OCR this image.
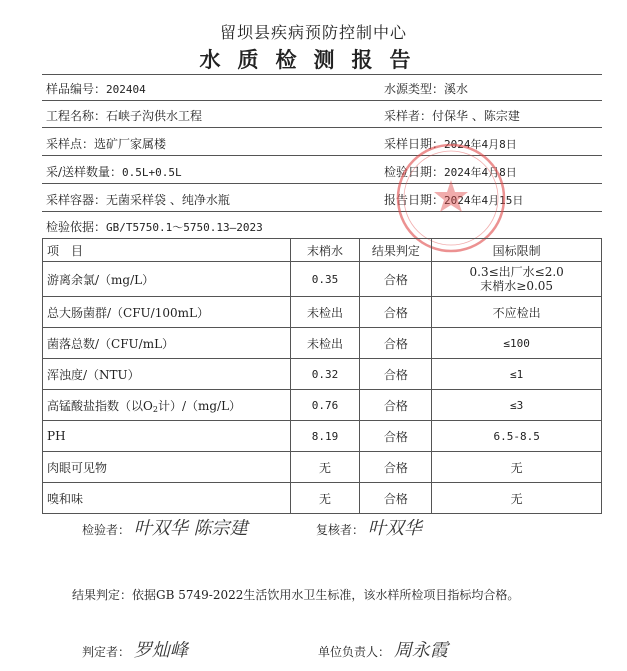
留坝县疾病预防控制中心
水质检测报告
样品编号：202404	水源类型：溪水
工程名称：石峡子沟供水工程	采样者：付保华 、陈宗建
采样点：选矿厂家属楼	采样日期：2024年4月8日
采/送样数量：0.5L+0.5L	检验日期：2024年4月8日
采样容器：无菌采样袋 、纯净水瓶	报告日期：2024年4月15日
检验依据：GB/T5750.1～5750.13—2023
项　目	末梢水	结果判定	国标限制
游离余氯/（mg/L）	0.35	合格	0.3≤出厂水≤2.0
末梢水≥0.05

总大肠菌群/（CFU/100mL）	未检出	合格	不应检出
菌落总数/（CFU/mL）	未检出	合格	≤100
浑浊度/（NTU）	0.32	合格	≤1
高锰酸盐指数（以$O_2$计）/（mg/L）	0.76	合格	≤3
PH	8.19	合格	6.5-8.5
肉眼可见物	无	合格	无
嗅和味	无	合格	无
检验者： 叶双华 陈宗建	复核者： 叶双华
结果判定：依据GB 5749-2022生活饮用水卫生标准，该水样所检项目指标均合格。
判定者： 罗灿峰	单位负责人： 周永霞
